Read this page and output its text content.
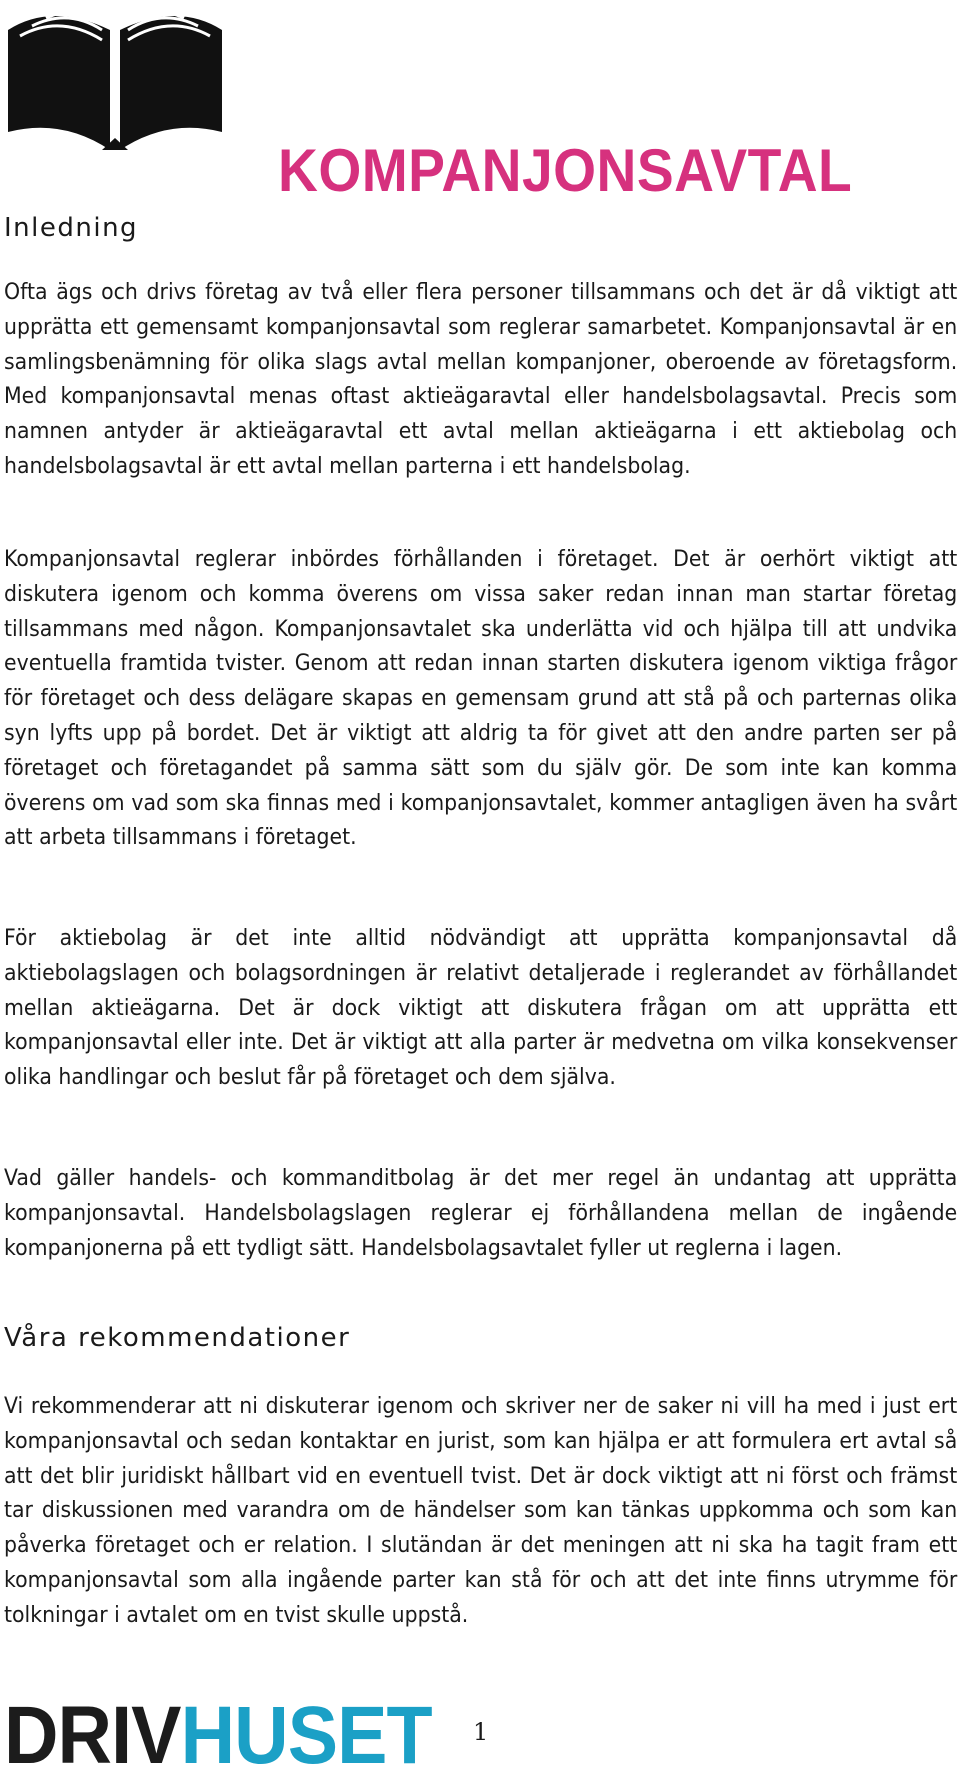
KOMPANJONSAVTAL
Inledning

Ofta ägs och drivs företag av två eller flera personer tillsammans och det är då viktigt att upprätta ett gemensamt kompanjonsavtal som reglerar samarbetet. Kompanjonsavtal är en samlingsbenämning för olika slags avtal mellan kompanjoner, oberoende av företagsform. Med kompanjonsavtal menas oftast aktieägaravtal eller handelsbolagsavtal. Precis som namnen antyder är aktieägaravtal ett avtal mellan aktieägarna i ett aktiebolag och handelsbolagsavtal är ett avtal mellan parterna i ett handelsbolag.

Kompanjonsavtal reglerar inbördes förhållanden i företaget. Det är oerhört viktigt att diskutera igenom och komma överens om vissa saker redan innan man startar företag tillsammans med någon. Kompanjonsavtalet ska underlätta vid och hjälpa till att undvika eventuella framtida tvister. Genom att redan innan starten diskutera igenom viktiga frågor för företaget och dess delägare skapas en gemensam grund att stå på och parternas olika syn lyfts upp på bordet. Det är viktigt att aldrig ta för givet att den andre parten ser på företaget och företagandet på samma sätt som du själv gör. De som inte kan komma överens om vad som ska finnas med i kompanjonsavtalet, kommer antagligen även ha svårt att arbeta tillsammans i företaget.

För aktiebolag är det inte alltid nödvändigt att upprätta kompanjonsavtal då aktiebolagslagen och bolagsordningen är relativt detaljerade i reglerandet av förhållandet mellan aktieägarna. Det är dock viktigt att diskutera frågan om att upprätta ett kompanjonsavtal eller inte. Det är viktigt att alla parter är medvetna om vilka konsekvenser olika handlingar och beslut får på företaget och dem själva.

Vad gäller handels- och kommanditbolag är det mer regel än undantag att upprätta kompanjonsavtal. Handelsbolagslagen reglerar ej förhållandena mellan de ingående kompanjonerna på ett tydligt sätt. Handelsbolagsavtalet fyller ut reglerna i lagen.

Våra rekommendationer

Vi rekommenderar att ni diskuterar igenom och skriver ner de saker ni vill ha med i just ert kompanjonsavtal och sedan kontaktar en jurist, som kan hjälpa er att formulera ert avtal så att det blir juridiskt hållbart vid en eventuell tvist. Det är dock viktigt att ni först och främst tar diskussionen med varandra om de händelser som kan tänkas uppkomma och som kan påverka företaget och er relation. I slutändan är det meningen att ni ska ha tagit fram ett kompanjonsavtal som alla ingående parter kan stå för och att det inte finns utrymme för tolkningar i avtalet om en tvist skulle uppstå.

DRIV HUSET 1
